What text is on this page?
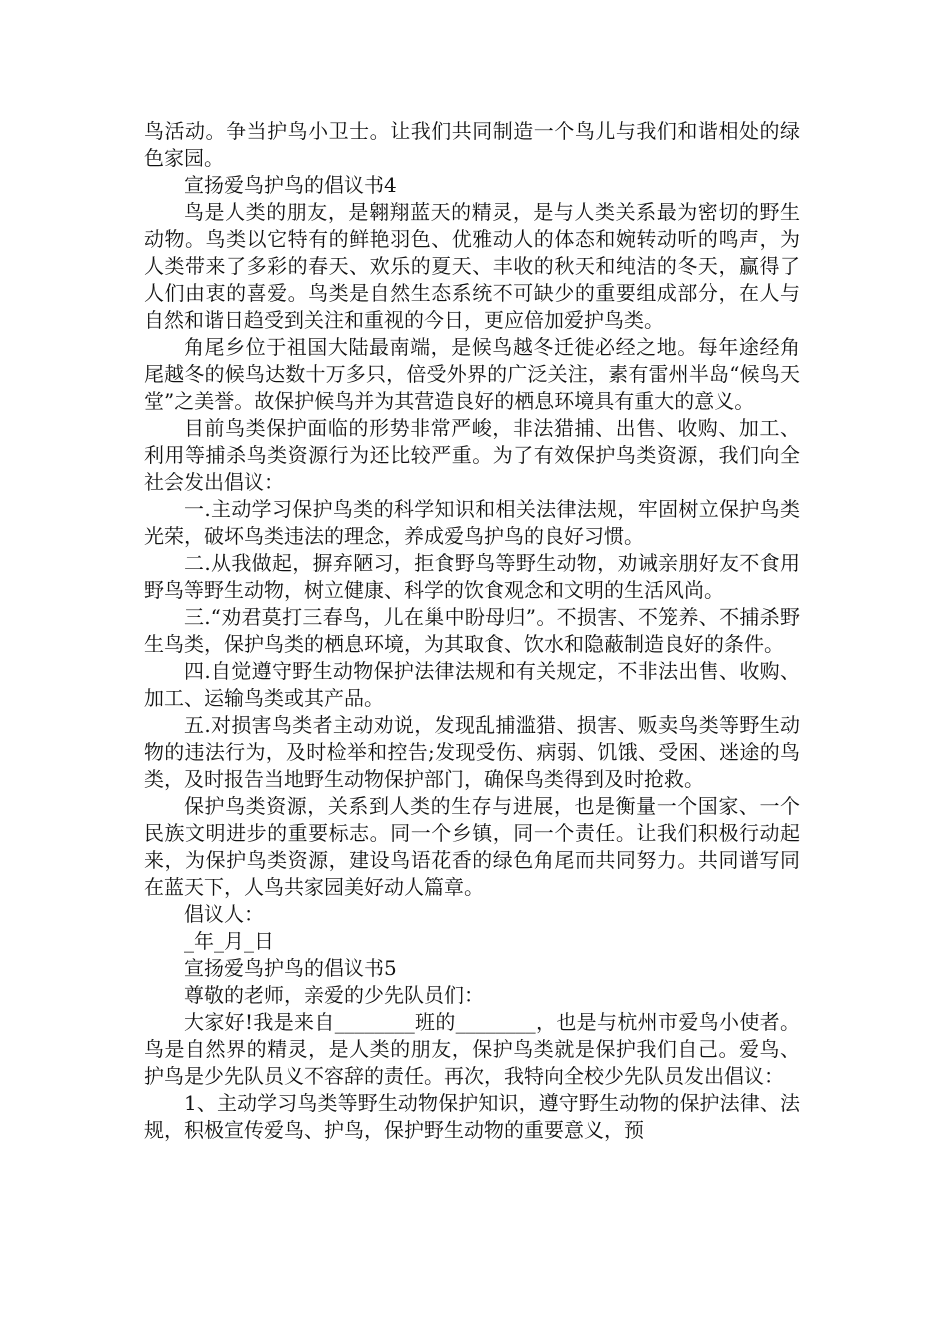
鸟活动。争当护鸟小卫士。让我们共同制造一个鸟儿与我们和谐相处的绿色家园。

宣扬爱鸟护鸟的倡议书4

鸟是人类的朋友，是翱翔蓝天的精灵，是与人类关系最为密切的野生动物。鸟类以它特有的鲜艳羽色、优雅动人的体态和婉转动听的鸣声，为人类带来了多彩的春天、欢乐的夏天、丰收的秋天和纯洁的冬天，赢得了人们由衷的喜爱。鸟类是自然生态系统不可缺少的重要组成部分，在人与自然和谐日趋受到关注和重视的今日，更应倍加爱护鸟类。

角尾乡位于祖国大陆最南端，是候鸟越冬迁徙必经之地。每年途经角尾越冬的候鸟达数十万多只，倍受外界的广泛关注，素有雷州半岛“候鸟天堂”之美誉。故保护候鸟并为其营造良好的栖息环境具有重大的意义。

目前鸟类保护面临的形势非常严峻，非法猎捕、出售、收购、加工、利用等捕杀鸟类资源行为还比较严重。为了有效保护鸟类资源，我们向全社会发出倡议：

一.主动学习保护鸟类的科学知识和相关法律法规，牢固树立保护鸟类光荣，破坏鸟类违法的理念，养成爱鸟护鸟的良好习惯。

二.从我做起，摒弃陋习，拒食野鸟等野生动物，劝诫亲朋好友不食用野鸟等野生动物，树立健康、科学的饮食观念和文明的生活风尚。

三.“劝君莫打三春鸟，儿在巢中盼母归”。不损害、不笼养、不捕杀野生鸟类，保护鸟类的栖息环境，为其取食、饮水和隐蔽制造良好的条件。

四.自觉遵守野生动物保护法律法规和有关规定，不非法出售、收购、加工、运输鸟类或其产品。

五.对损害鸟类者主动劝说，发现乱捕滥猎、损害、贩卖鸟类等野生动物的违法行为，及时检举和控告;发现受伤、病弱、饥饿、受困、迷途的鸟类，及时报告当地野生动物保护部门，确保鸟类得到及时抢救。

保护鸟类资源，关系到人类的生存与进展，也是衡量一个国家、一个民族文明进步的重要标志。同一个乡镇，同一个责任。让我们积极行动起来，为保护鸟类资源，建设鸟语花香的绿色角尾而共同努力。共同谱写同在蓝天下，人鸟共家园美好动人篇章。

倡议人：

_年_月_日

宣扬爱鸟护鸟的倡议书5

尊敬的老师，亲爱的少先队员们：

大家好!我是来自________班的________，也是与杭州市爱鸟小使者。鸟是自然界的精灵，是人类的朋友，保护鸟类就是保护我们自己。爱鸟、护鸟是少先队员义不容辞的责任。再次，我特向全校少先队员发出倡议：

1、主动学习鸟类等野生动物保护知识，遵守野生动物的保护法律、法规，积极宣传爱鸟、护鸟，保护野生动物的重要意义，预
